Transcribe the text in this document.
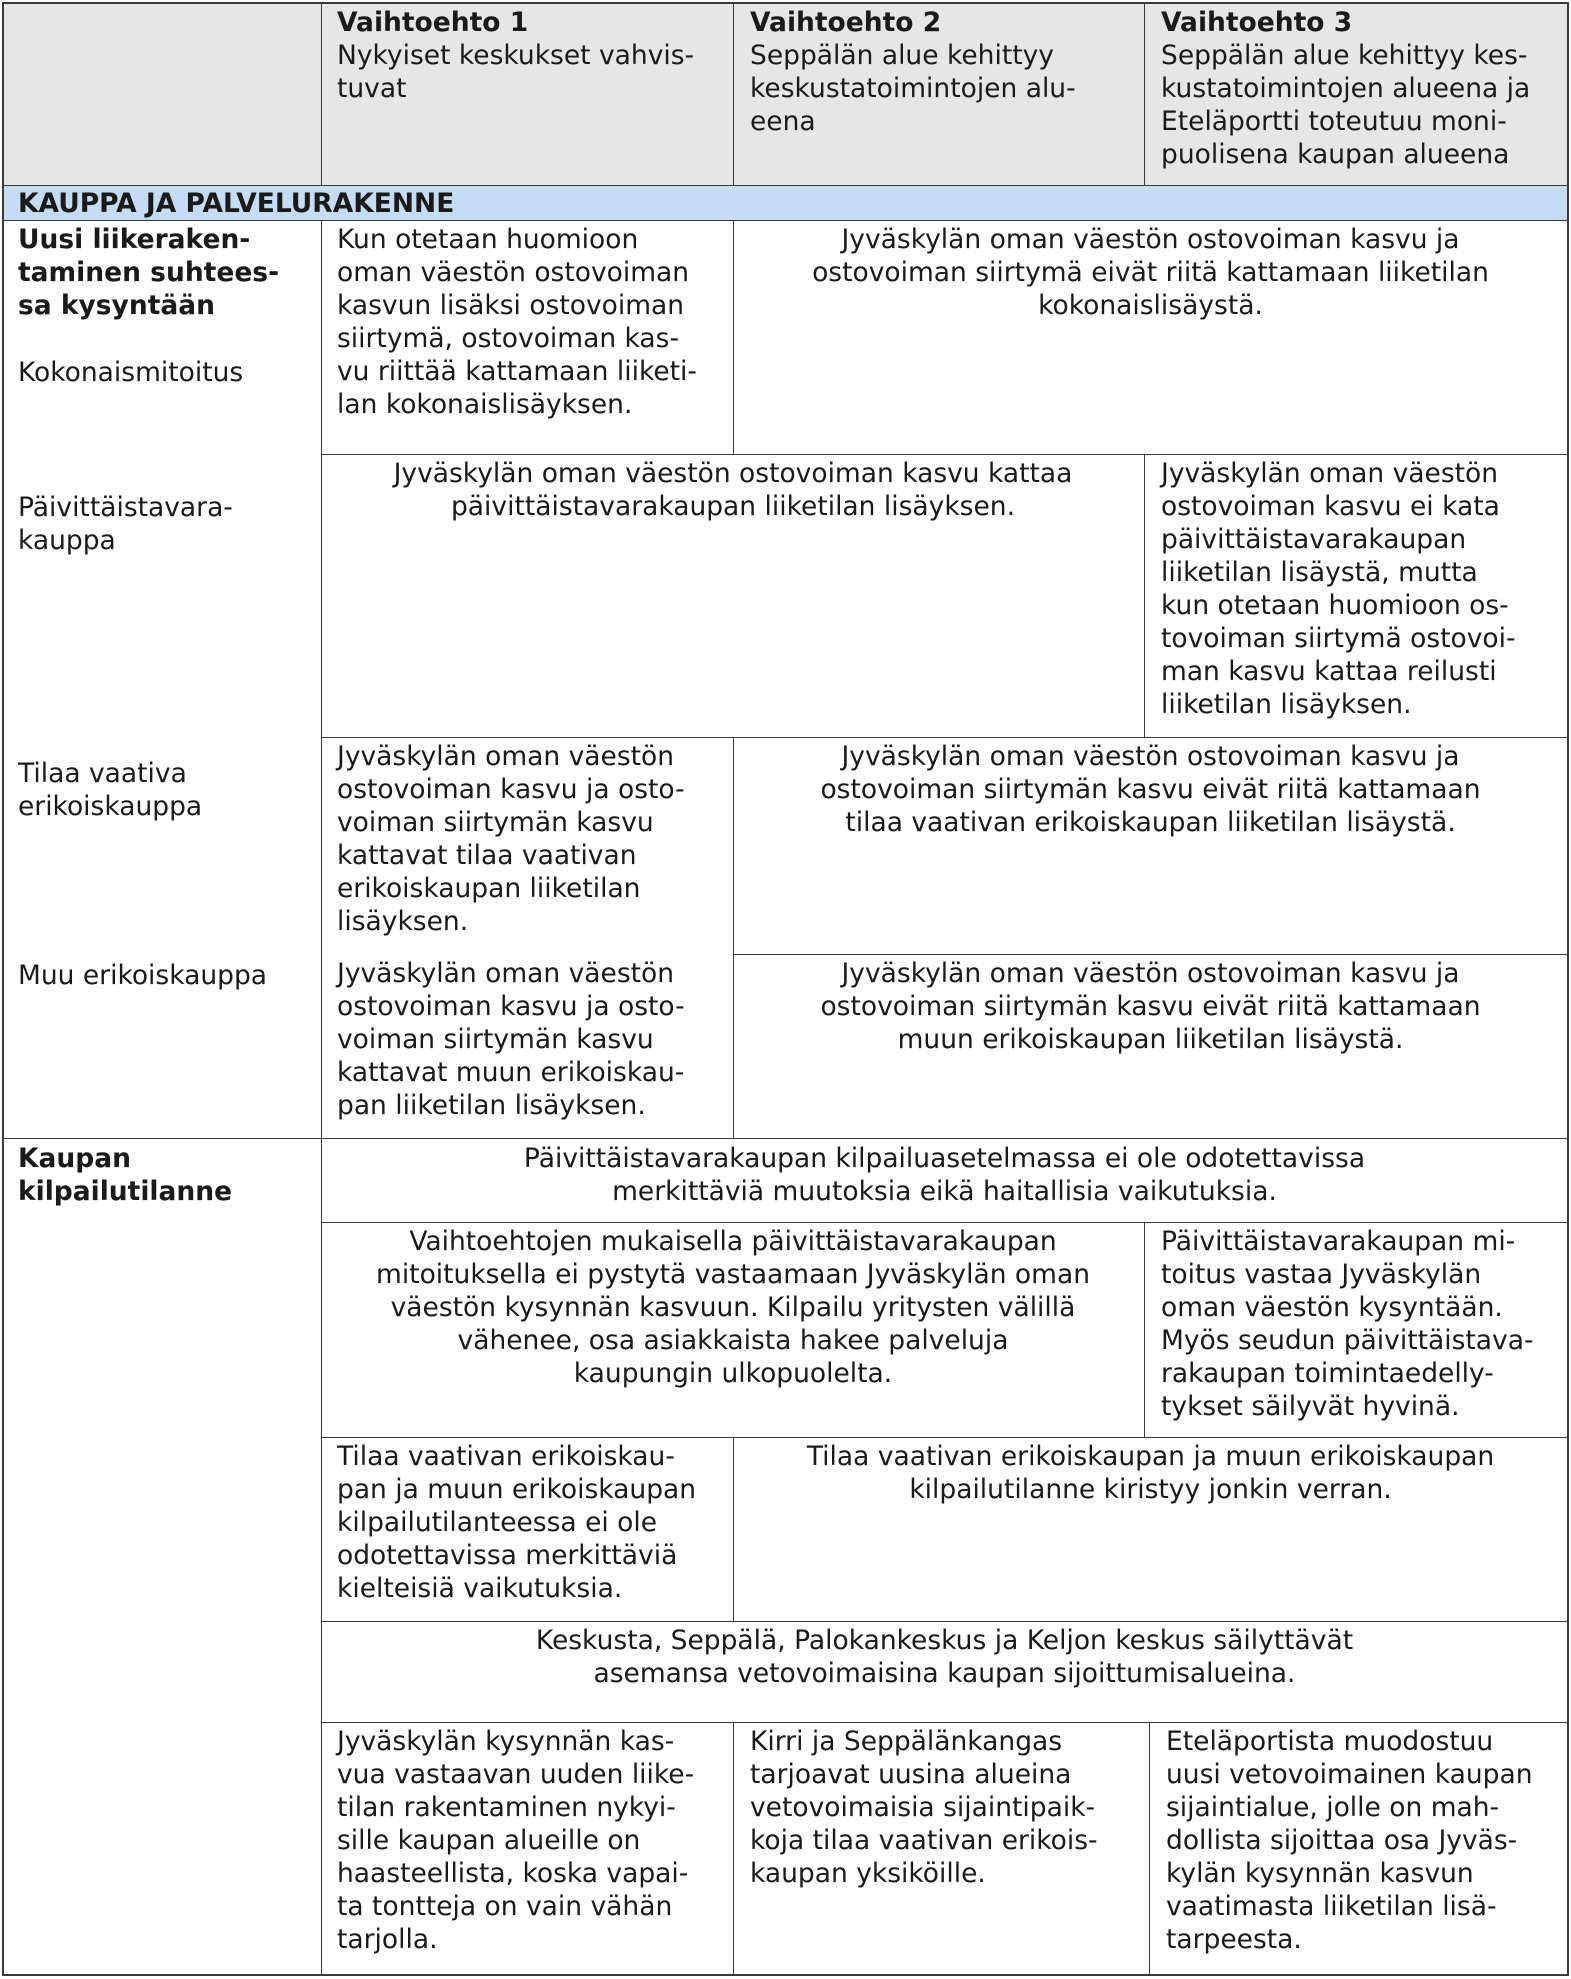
Vaihtoehto 1
Nykyiset keskukset vahvis-
tuvat
Vaihtoehto 2
Seppälän alue kehittyy
keskustatoimintojen alu-
eena
Vaihtoehto 3
Seppälän alue kehittyy kes-
kustatoimintojen alueena ja
Eteläportti toteutuu moni-
puolisena kaupan alueena
KAUPPA JA PALVELURAKENNE
Uusi liikeraken-
taminen suhtees-
sa kysyntään
Kokonaismitoitus
Päivittäistavara-
kauppa
Tilaa vaativa
erikoiskauppa
Muu erikoiskauppa
Kaupan
kilpailutilanne
Kun otetaan huomioon
oman väestön ostovoiman
kasvun lisäksi ostovoiman
siirtymä, ostovoiman kas-
vu riittää kattamaan liiketi-
lan kokonaislisäyksen.
Jyväskylän oman väestön ostovoiman kasvu ja
ostovoiman siirtymä eivät riitä kattamaan liiketilan
kokonaislisäystä.
Jyväskylän oman väestön ostovoiman kasvu kattaa
päivittäistavarakaupan liiketilan lisäyksen.
Jyväskylän oman väestön
ostovoiman kasvu ei kata
päivittäistavarakaupan
liiketilan lisäystä, mutta
kun otetaan huomioon os-
tovoiman siirtymä ostovoi-
man kasvu kattaa reilusti
liiketilan lisäyksen.
Jyväskylän oman väestön
ostovoiman kasvu ja osto-
voiman siirtymän kasvu
kattavat tilaa vaativan
erikoiskaupan liiketilan
lisäyksen.
Jyväskylän oman väestön ostovoiman kasvu ja
ostovoiman siirtymän kasvu eivät riitä kattamaan
tilaa vaativan erikoiskaupan liiketilan lisäystä.
Jyväskylän oman väestön
ostovoiman kasvu ja osto-
voiman siirtymän kasvu
kattavat muun erikoiskau-
pan liiketilan lisäyksen.
Jyväskylän oman väestön ostovoiman kasvu ja
ostovoiman siirtymän kasvu eivät riitä kattamaan
muun erikoiskaupan liiketilan lisäystä.
Päivittäistavarakaupan kilpailuasetelmassa ei ole odotettavissa
merkittäviä muutoksia eikä haitallisia vaikutuksia.
Vaihtoehtojen mukaisella päivittäistavarakaupan
mitoituksella ei pystytä vastaamaan Jyväskylän oman
väestön kysynnän kasvuun. Kilpailu yritysten välillä
vähenee, osa asiakkaista hakee palveluja
kaupungin ulkopuolelta.
Päivittäistavarakaupan mi-
toitus vastaa Jyväskylän
oman väestön kysyntään.
Myös seudun päivittäistava-
rakaupan toimintaedelly-
tykset säilyvät hyvinä.
Tilaa vaativan erikoiskau-
pan ja muun erikoiskaupan
kilpailutilanteessa ei ole
odotettavissa merkittäviä
kielteisiä vaikutuksia.
Tilaa vaativan erikoiskaupan ja muun erikoiskaupan
kilpailutilanne kiristyy jonkin verran.
Keskusta, Seppälä, Palokankeskus ja Keljon keskus säilyttävät
asemansa vetovoimaisina kaupan sijoittumisalueina.
Jyväskylän kysynnän kas-
vua vastaavan uuden liike-
tilan rakentaminen nykyi-
sille kaupan alueille on
haasteellista, koska vapai-
ta tontteja on vain vähän
tarjolla.
Kirri ja Seppälänkangas
tarjoavat uusina alueina
vetovoimaisia sijaintipaik-
koja tilaa vaativan erikois-
kaupan yksiköille.
Eteläportista muodostuu
uusi vetovoimainen kaupan
sijaintialue, jolle on mah-
dollista sijoittaa osa Jyväs-
kylän kysynnän kasvun
vaatimasta liiketilan lisä-
tarpeesta.
